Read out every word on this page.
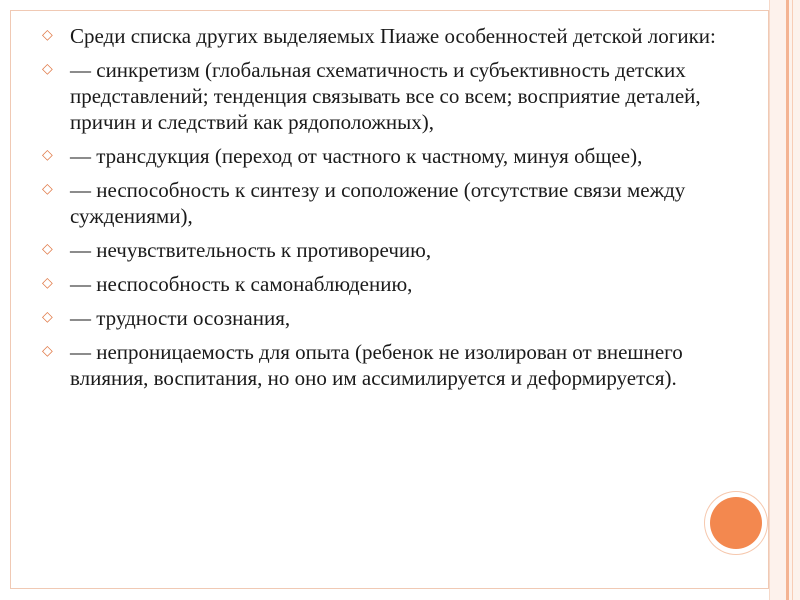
◇ Среди списка других выделяемых Пиаже особенностей детской логики:
◇ — синкретизм (глобальная схематичность и субъективность детских представлений; тенденция связывать все со всем; восприятие деталей, причин и следствий как рядоположных),
◇ — трансдукция (переход от частного к частному, минуя общее),
◇ — неспособность к синтезу и сопoложение (отсутствие связи между суждениями),
◇ — нечувствительность к противоречию,
◇ — неспособность к самонаблюдению,
◇ — трудности осознания,
◇ — непроницаемость для опыта (ребенок не изолирован от внешнего влияния, воспитания, но оно им ассимилируется и деформируется).
